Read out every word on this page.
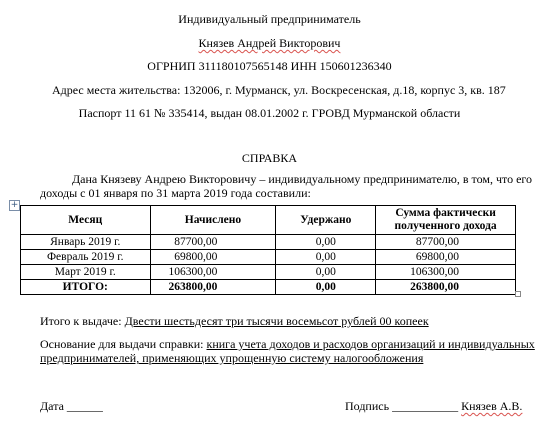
Индивидуальный предприниматель
Князев Андрей Викторович
ОГРНИП 311180107565148 ИНН 150601236340
Адрес места жительства: 132006, г. Мурманск, ул. Воскресенская, д.18, корпус 3, кв. 187
Паспорт 11 61 № 335414, выдан 08.01.2002 г. ГРОВД Мурманской области
СПРАВКА
Дана Князеву Андрею Викторовичу – индивидуальному предпринимателю, в том, что его
доходы с 01 января по 31 марта 2019 года составили:
+
Месяц	Начислено	Удержано	Сумма фактически полученного дохода
Январь 2019 г.	87700,00	0,00	87700,00
Февраль 2019 г.	69800,00	0,00	69800,00
Март 2019 г.	106300,00	0,00	106300,00
ИТОГО:	263800,00	0,00	263800,00
Итого к выдаче: Двести шестьдесят три тысячи восемьсот рублей 00 копеек
Основание для выдачи справки: книга учета доходов и расходов организаций и индивидуальных
предпринимателей, применяющих упрощенную систему налогообложения
Дата ______	Подпись ___________ Князев А.В.
